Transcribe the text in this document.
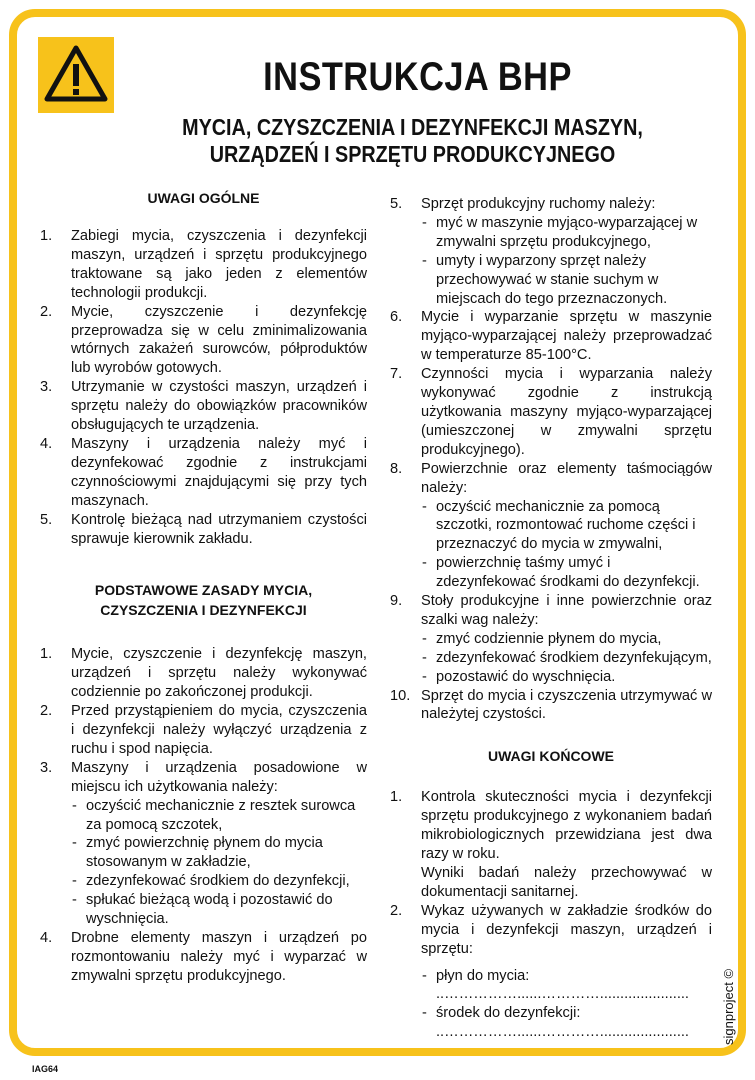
INSTRUKCJA BHP
MYCIA, CZYSZCZENIA I DEZYNFEKCJI MASZYN,
URZĄDZEŃ I SPRZĘTU PRODUKCYJNEGO
UWAGI OGÓLNE
1. Zabiegi mycia, czyszczenia i dezynfekcji maszyn, urządzeń i sprzętu produkcyjnego traktowane są jako jeden z elementów technologii produkcji.
2. Mycie, czyszczenie i dezynfekcję przeprowadza się w celu zminimalizowania wtórnych zakażeń surowców, półproduktów lub wyrobów gotowych.
3. Utrzymanie w czystości maszyn, urządzeń i sprzętu należy do obowiązków pracowników obsługujących te urządzenia.
4. Maszyny i urządzenia należy myć i dezynfekować zgodnie z instrukcjami czynnościowymi znajdującymi się przy tych maszynach.
5. Kontrolę bieżącą nad utrzymaniem czystości sprawuje kierownik zakładu.
PODSTAWOWE ZASADY MYCIA,
CZYSZCZENIA I DEZYNFEKCJI
1. Mycie, czyszczenie i dezynfekcję maszyn, urządzeń i sprzętu należy wykonywać codziennie po zakończonej produkcji.
2. Przed przystąpieniem do mycia, czyszczenia i dezynfekcji należy wyłączyć urządzenia z ruchu i spod napięcia.
3. Maszyny i urządzenia posadowione w miejscu ich użytkowania należy:
- oczyścić mechanicznie z resztek surowca za pomocą szczotek,
- zmyć powierzchnię płynem do mycia stosowanym w zakładzie,
- zdezynfekować środkiem do dezynfekcji,
- spłukać bieżącą wodą i pozostawić do wyschnięcia.
4. Drobne elementy maszyn i urządzeń po rozmontowaniu należy myć i wyparzać w zmywalni sprzętu produkcyjnego.
5. Sprzęt produkcyjny ruchomy należy:
- myć w maszynie myjąco-wyparzającej w zmywalni sprzętu produkcyjnego,
- umyty i wyparzony sprzęt należy przechowywać w stanie suchym w miejscach do tego przeznaczonych.
6. Mycie i wyparzanie sprzętu w maszynie myjąco-wyparzającej należy przeprowadzać w temperaturze 85-100°C.
7. Czynności mycia i wyparzania należy wykonywać zgodnie z instrukcją użytkowania maszyny myjąco-wyparzającej (umieszczonej w zmywalni sprzętu produkcyjnego).
8. Powierzchnie oraz elementy taśmociągów należy:
- oczyścić mechanicznie za pomocą szczotki, rozmontować ruchome części i przeznaczyć do mycia w zmywalni,
- powierzchnię taśmy umyć i zdezynfekować środkami do dezynfekcji.
9. Stoły produkcyjne i inne powierzchnie oraz szalki wag należy:
- zmyć codziennie płynem do mycia,
- zdezynfekować środkiem dezynfekującym,
- pozostawić do wyschnięcia.
10. Sprzęt do mycia i czyszczenia utrzymywać w należytej czystości.
UWAGI KOŃCOWE
1. Kontrola skuteczności mycia i dezynfekcji sprzętu produkcyjnego z wykonaniem badań mikrobiologicznych przewidziana jest dwa razy w roku.
Wyniki badań należy przechowywać w dokumentacji sanitarnej.
2. Wykaz używanych w zakładzie środków do mycia i dezynfekcji maszyn, urządzeń i sprzętu:
- płyn do mycia:
..……………......…………......................
- środek do dezynfekcji:
..……………......…………......................
IAG64
signproject ©
